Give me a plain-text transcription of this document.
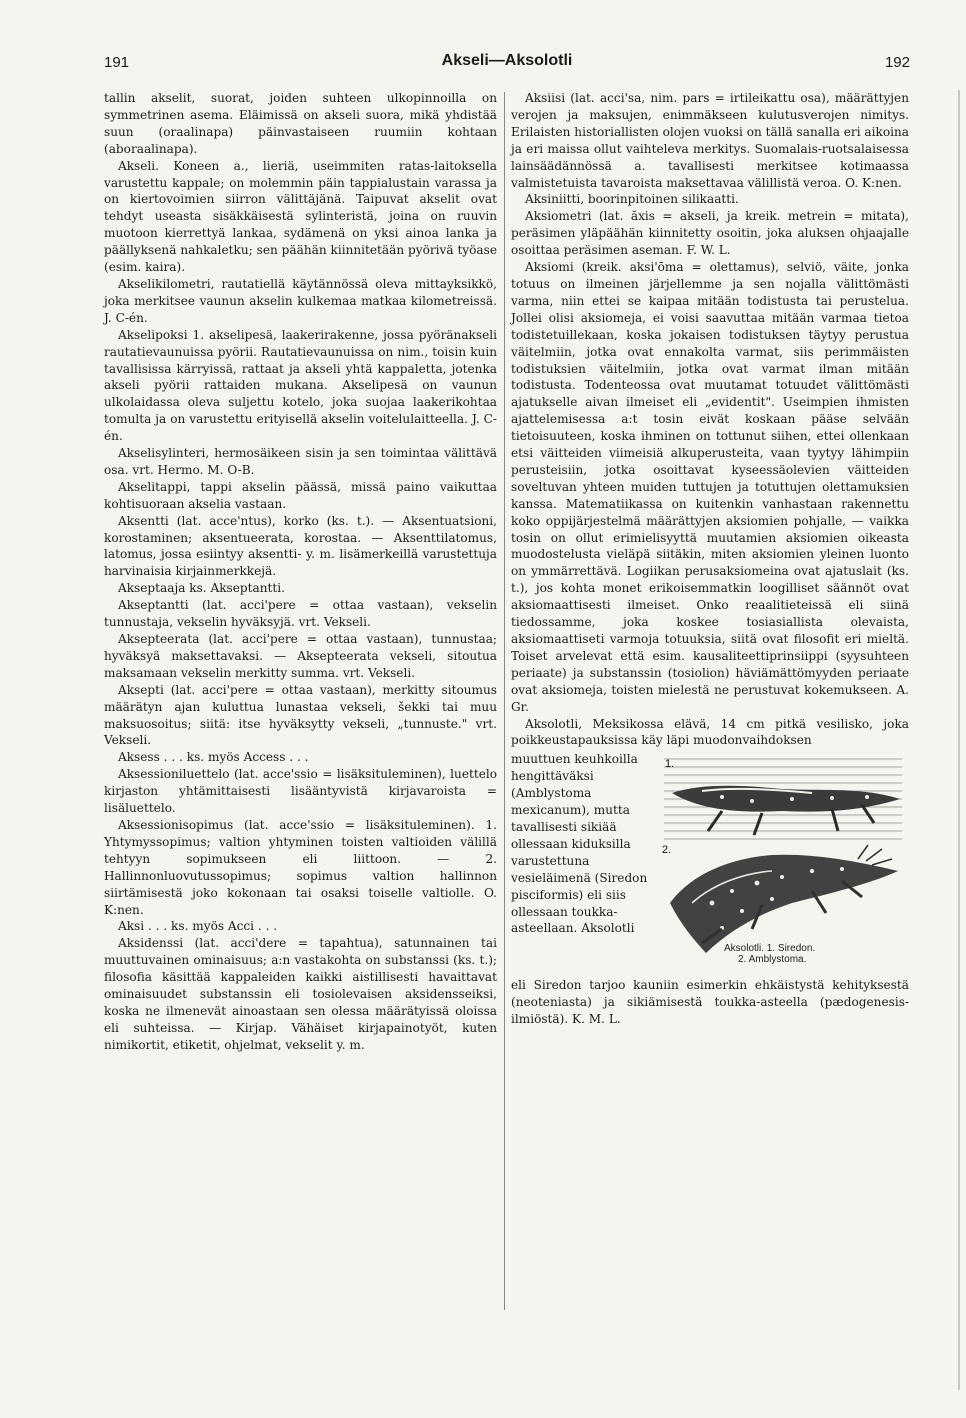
191	Akseli—Aksolotli	192

tallin akselit, suorat, joiden suhteen ulkopinnoilla on symmetrinen asema. Eläimissä on akseli suora, mikä yhdistää suun (oraalinapa) päinvastaiseen ruumiin kohtaan (aboraalinapa).

Akseli. Koneen a., lieriä, useimmiten ratas-laitoksella varustettu kappale; on molemmin päin tappialustain varassa ja on kiertovoimien siirron välittäjänä. Taipuvat akselit ovat tehdyt useasta sisäkkäisestä sylinteristä, joina on ruuvin muotoon kierrettyä lankaa, sydämenä on yksi ainoa lanka ja päällyksenä nahkaletku; sen päähän kiinnitetään pyörivä työase (esim. kaira).

Akselikilometri, rautatiellä käytännössä oleva mittayksikkö, joka merkitsee vaunun akselin kulkemaa matkaa kilometreissä. J. C-én.

Akselipoksi 1. akselipesä, laakerirakenne, jossa pyöränakseli rautatievaunuissa pyörii. Rautatievaunuissa on nim., toisin kuin tavallisissa kärryissä, rattaat ja akseli yhtä kappaletta, jotenka akseli pyörii rattaiden mukana. Akselipesä on vaunun ulkolaidassa oleva suljettu kotelo, joka suojaa laakerikohtaa tomulta ja on varustettu erityisellä akselin voitelulaitteella. J. C-én.

Akselisylinteri, hermosäikeen sisin ja sen toimintaa välittävä osa. vrt. Hermo. M. O-B.

Akselitappi, tappi akselin päässä, missä paino vaikuttaa kohtisuoraan akselia vastaan.

Aksentti (lat. acce'ntus), korko (ks. t.). — Aksentuatsioni, korostaminen; aksentueerata, korostaa. — Aksenttilatomus, latomus, jossa esiintyy aksentti- y. m. lisämerkeillä varustettuja harvinaisia kirjainmerkkejä.

Akseptaaja ks. Akseptantti.

Akseptantti (lat. acci'pere = ottaa vastaan), vekselin tunnustaja, vekselin hyväksyjä. vrt. Vekseli.

Akseptеerata (lat. acci'pere = ottaa vastaan), tunnustaa; hyväksyä maksettavaksi. — Akseptеerata vekseli, sitoutua maksamaan vekselin merkitty summa. vrt. Vekseli.

Aksepti (lat. acci'pere = ottaa vastaan), merkitty sitoumus määrätyn ajan kuluttua lunastaa vekseli, šekki tai muu maksuosoitus; siitä: itse hyväksytty vekseli, „tunnuste." vrt. Vekseli.

Aksess . . . ks. myös Access . . .

Aksessioniluettelo (lat. acce'ssio = lisäksitulеminen), luettelo kirjaston yhtämittaisesti lisääntyvistä kirjavaroista = lisäluettelo.

Aksessionisopimus (lat. acce'ssio = lisäksitulеminen). 1. Yhtymyssopimus; valtion yhtyminen toisten valtioiden välillä tehtyyn sopimukseen eli liittoon. — 2. Hallinnonluovutussopimus; sopimus valtion hallinnon siirtämisestä joko kokonaan tai osaksi toiselle valtiolle. O. K:nen.

Aksi . . . ks. myös Acci . . .

Aksidenssi (lat. acci'dere = tapahtua), satunnainen tai muuttuvainen ominaisuus; a:n vastakohta on substanssi (ks. t.); filosofia käsittää kappaleiden kaikki aistillisesti havaittavat ominaisuudet substanssin eli tosiolevaisen aksidensseiksi, koska ne ilmenevät ainoastaan sen olessa määrätyissä oloissa eli suhteissa. — Kirjap. Vähäiset kirjapainotyöt, kuten nimikortit, etiketit, ohjelmat, vekselit y. m.

Aksiisi (lat. acci'sa, nim. pars = irtileikattu osa), määrättyjen verojen ja maksujen, enimmäkseen kulutusverojen nimitys. Erilaisten historiallisten olojen vuoksi on tällä sanalla eri aikoina ja eri maissa ollut vaihteleva merkitys. Suomalais-ruotsalaisessa lainsäädännössä a. tavallisesti merkitsee kotimaassa valmistetuista tavaroista maksettavaa välillistä veroa. O. K:nen.

Aksiniitti, boorinpitoinen silikaatti.

Aksiometri (lat. ăxis = akseli, ja kreik. metrein = mitata), peräsimen yläpäähän kiinnitetty osoitin, joka aluksen ohjaajalle osoittaa peräsimen aseman. F. W. L.

Aksiomi (kreik. aksi'ōma = olettamus), selviö, väite, jonka totuus on ilmeinen järjellemme ja sen nojalla välittömästi varma, niin ettei se kaipaa mitään todistusta tai perustelua. Jollei olisi aksiomeja, ei voisi saavuttaa mitään varmaa tietoa todistetuillekaan, koska jokaisen todistuksen täytyy perustua väitelmiin, jotka ovat ennakolta varmat, siis perimmäisten todistuksien väitelmiin, jotka ovat varmat ilman mitään todistusta. Todenteossa ovat muutamat totuudet välittömästi ajatukselle aivan ilmeiset eli „evidentit". Useimpien ihmisten ajattelemisessa a:t tosin eivät koskaan pääse selvään tietoisuuteen, koska ihminen on tottunut siihen, ettei ollenkaan etsi väitteiden viimeisiä alkuperusteita, vaan tyytyy lähimpiin perusteisiin, jotka osoittavat kyseessäolevien väitteiden soveltuvan yhteen muiden tuttujen ja totuttujen olettamuksien kanssa. Matematiikassa on kuitenkin vanhastaan rakennettu koko oppijärjestelmä määrättyjen aksiomien pohjalle, — vaikka tosin on ollut erimielisyyttä muutamien aksiomien oikeasta muodostelusta vieläpä siitäkin, miten aksiomien yleinen luonto on ymmärrettävä. Logiikan perusaksiomeina ovat ajatuslait (ks. t.), jos kohta monet erikoisemmatkin loogilliset säännöt ovat aksiomaattisesti ilmeiset. Onko reaalitieteissä eli siinä tiedossamme, joka koskee tosiasiallista olevaista, aksiomaattiseti varmoja totuuksia, siitä ovat filosofit eri mieltä. Toiset arvelevat että esim. kausaliteettiprinsiippi (syysuhteen periaate) ja substanssin (tosiolion) häviämättömyyden periaate ovat aksiomeja, toisten mielestä ne perustuvat kokemukseen. A. Gr.

Aksolotli, Meksikossa elävä, 14 cm pitkä vesilisko, joka poikkeustapauksissa käy läpi muodonvaihdoksen

muuttuen keuhkoilla hengittäväksi (Amblystoma mexicanum), mutta tavallisesti sikiää ollessaan kiduksilla varustettuna vesieläimenä (Siredon pisciformis) eli siis ollessaan toukka-asteellaan. Aksolotli
1.
2.
Aksolotli. 1. Siredon.
2. Amblystoma.

eli Siredon tarjoo kauniin esimerkin ehkäistystä kehityksestä (neoteniasta) ja sikiämisestä toukka-asteella (pædogenesis-ilmiöstä). K. M. L.
